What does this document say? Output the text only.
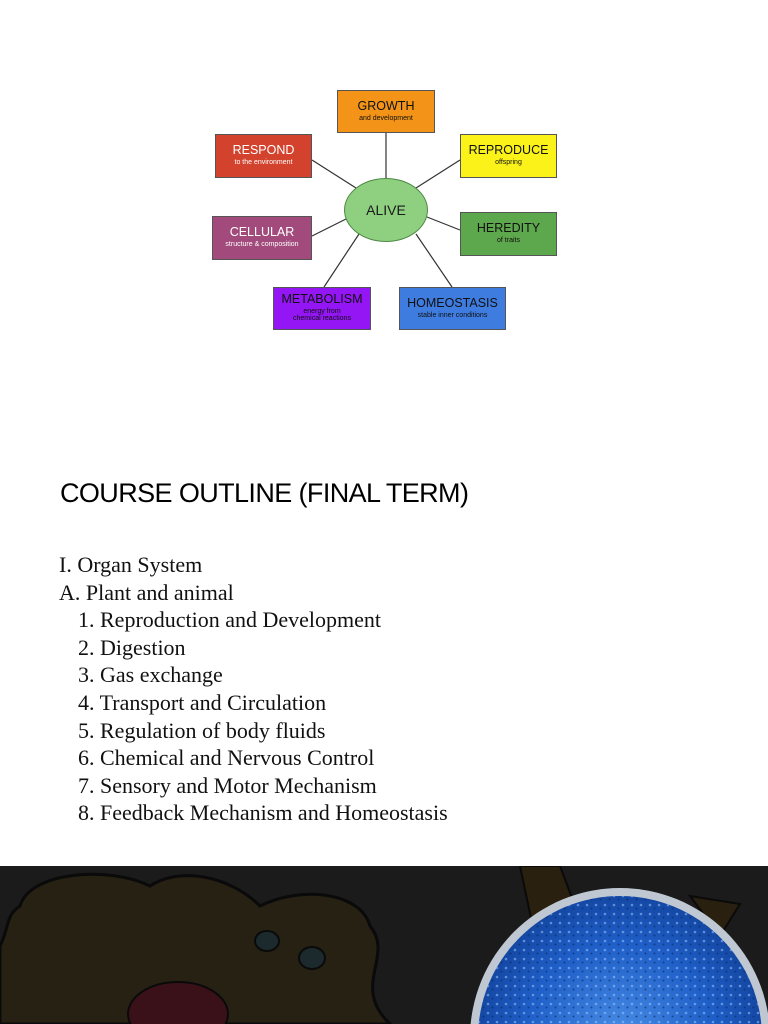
GROWTH
and development
RESPOND
to the environment
REPRODUCE
offspring
CELLULAR
structure & composition
HEREDITY
of traits
METABOLISM
energy from chemical reactions
HOMEOSTASIS
stable inner conditions
ALIVE
COURSE OUTLINE (FINAL TERM)
I. Organ System
A. Plant and animal
1. Reproduction and Development
2. Digestion
3. Gas exchange
4. Transport and Circulation
5. Regulation of body fluids
6. Chemical and Nervous Control
7. Sensory and Motor Mechanism
8. Feedback Mechanism and Homeostasis
